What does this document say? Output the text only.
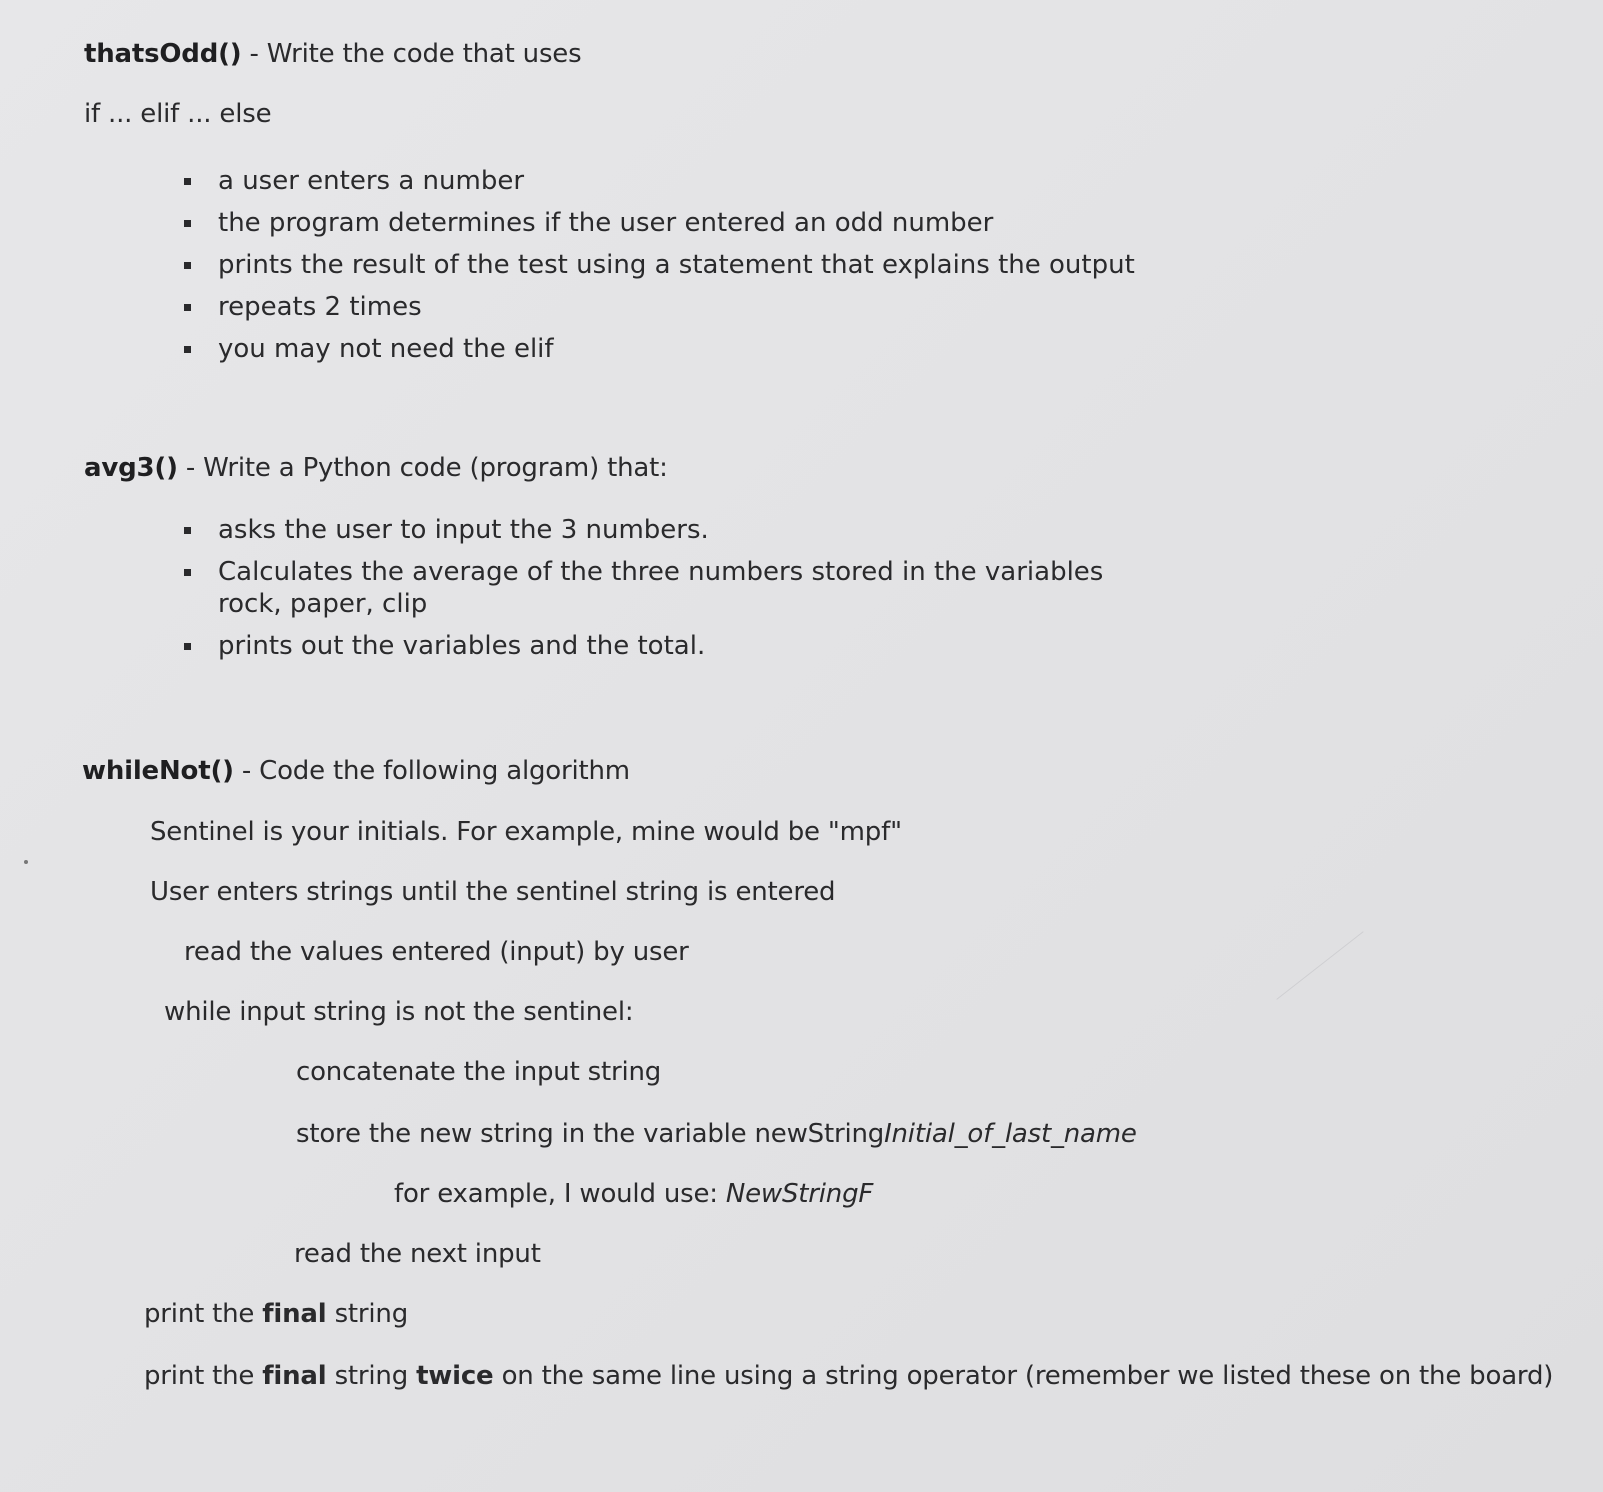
thatsOdd() - Write the code that uses
if ... elif ... else
a user enters a number
the program determines if the user entered an odd number
prints the result of the test using a statement that explains the output
repeats 2 times
you may not need the elif
avg3() - Write a Python code (program) that:
asks the user to input the 3 numbers.
Calculates the average of the three numbers stored in the variables
rock, paper, clip
prints out the variables and the total.
whileNot() - Code the following algorithm
Sentinel is your initials. For example, mine would be "mpf"
User enters strings until the sentinel string is entered
read the values entered (input) by user
while input string is not the sentinel:
concatenate the input string
store the new string in the variable newStringInitial_of_last_name
for example, I would use: NewStringF
read the next input
print the final string
print the final string twice on the same line using a string operator (remember we listed these on the board)
